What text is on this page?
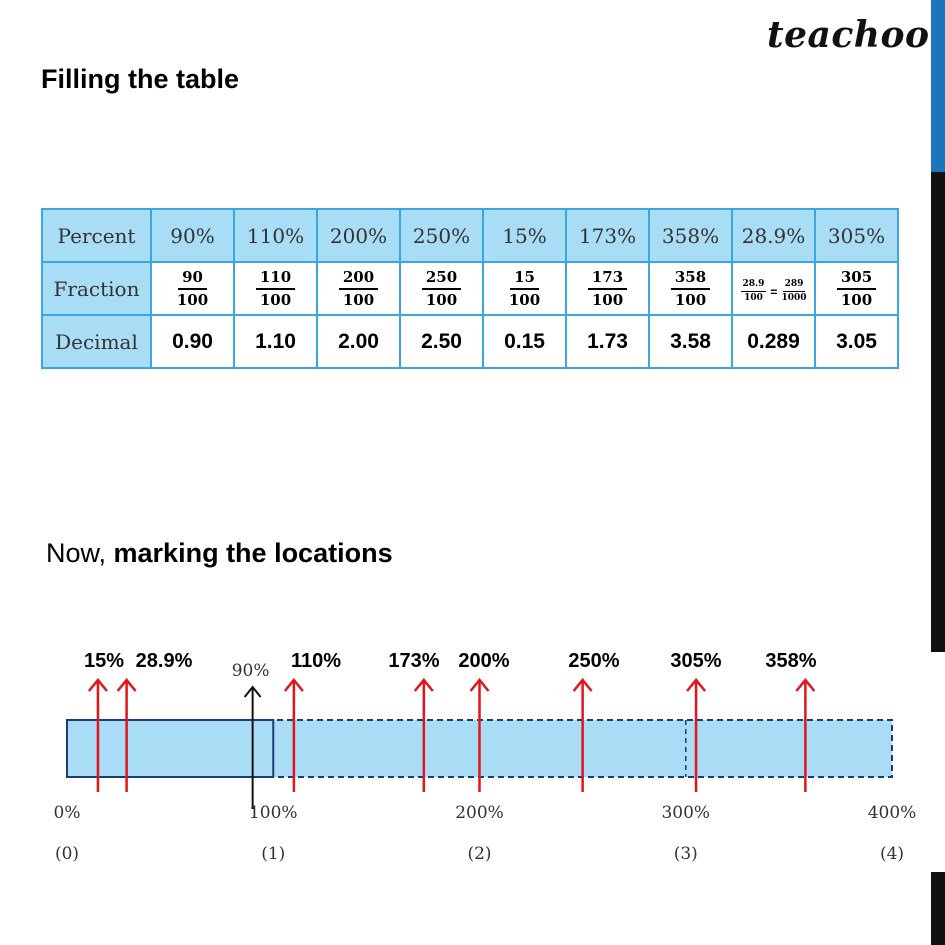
teachoo
Filling the table
Percent	90%	110%	200%	250%	15%	173%	358%	28.9%	305%
Fraction	$\frac{90}{100}$	$\frac{110}{100}$	$\frac{200}{100}$	$\frac{250}{100}$	$\frac{15}{100}$	$\frac{173}{100}$	$\frac{358}{100}$	$\frac{28.9}{100} = \frac{289}{1000}$	$\frac{305}{100}$

Decimal	0.90	1.10	2.00	2.50	0.15	1.73	3.58	0.289	3.05
Now, marking the locations
90%
15% 28.9%	110% 173% 200%	250%	305% 358%
0%
(0)
100%
(1)
200%
(2)
300%
(3)
400%
(4)
